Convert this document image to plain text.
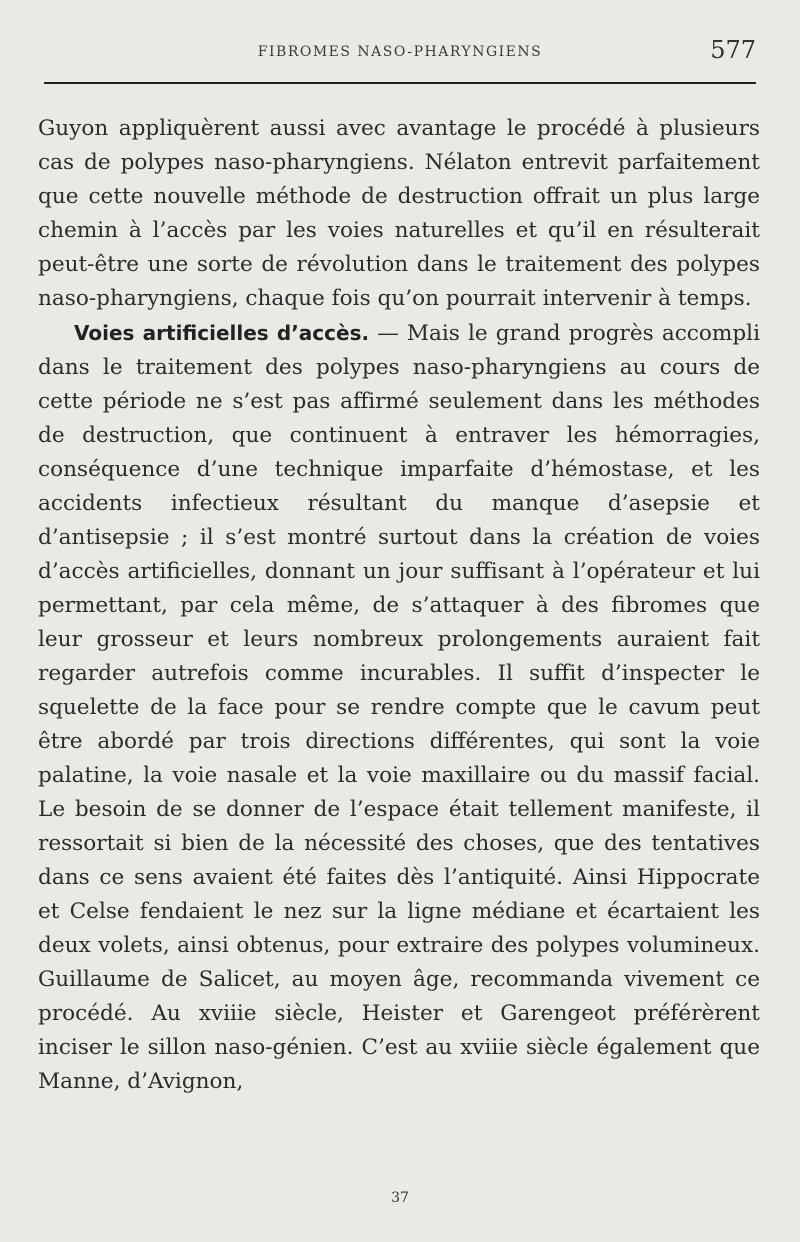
FIBROMES NASO-PHARYNGIENS	577

Guyon appliquèrent aussi avec avantage le procédé à plusieurs cas de polypes naso-pharyngiens. Nélaton entrevit parfaitement que cette nouvelle méthode de destruction offrait un plus large chemin à l’accès par les voies naturelles et qu’il en résulterait peut-être une sorte de révolution dans le traitement des polypes naso-pharyngiens, chaque fois qu’on pourrait intervenir à temps.

Voies artificielles d’accès. — Mais le grand progrès accompli dans le traitement des polypes naso-pharyngiens au cours de cette période ne s’est pas affirmé seulement dans les méthodes de destruction, que continuent à entraver les hémorragies, conséquence d’une technique imparfaite d’hémostase, et les accidents infectieux résultant du manque d’asepsie et d’antisepsie ; il s’est montré surtout dans la création de voies d’accès artificielles, donnant un jour suffisant à l’opérateur et lui permettant, par cela même, de s’attaquer à des fibromes que leur grosseur et leurs nombreux prolongements auraient fait regarder autrefois comme incurables. Il suffit d’inspecter le squelette de la face pour se rendre compte que le cavum peut être abordé par trois directions différentes, qui sont la voie palatine, la voie nasale et la voie maxillaire ou du massif facial. Le besoin de se donner de l’espace était tellement manifeste, il ressortait si bien de la nécessité des choses, que des tentatives dans ce sens avaient été faites dès l’antiquité. Ainsi Hippocrate et Celse fendaient le nez sur la ligne médiane et écartaient les deux volets, ainsi obtenus, pour extraire des polypes volumineux. Guillaume de Salicet, au moyen âge, recommanda vivement ce procédé. Au xviiie siècle, Heister et Garengeot préférèrent inciser le sillon naso-génien. C’est au xviiie siècle également que Manne, d’Avignon,

37
